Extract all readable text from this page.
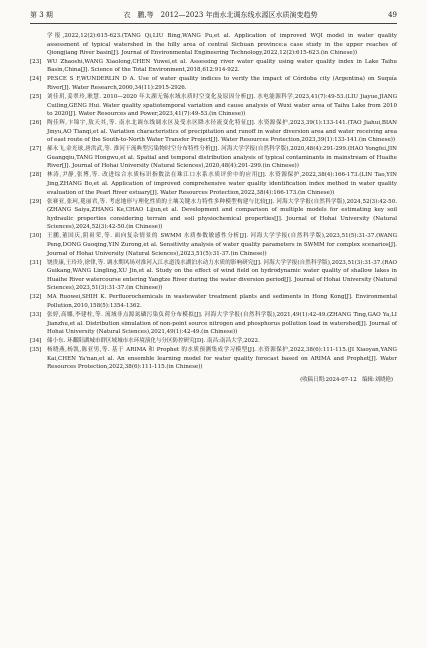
第 3 期	衣　鹏,等　2012—2023 年南水北调东线水源区水质演变趋势	49
学报,2022,12(2):615-623.(TANG Qi,LIU Bing,WANG Pu,et al. Application of improved WQI model in water quality assessment of typical watershed in the hilly area of central Sichuan province:a case study in the upper reaches of Qiongjiang River basin[J]. Journal of Environmental Engineering Technology,2022,12(2):615-623.(in Chinese))
[23]	WU Zhaoshi,WANG Xiaolong,CHEN Yuwei,et al. Assessing river water quality using water quality index in Lake Taihu Basin,China[J]. Science of the Total Environment,2018,612:914-922.
[24]	PESCE S F,WUNDERLIN D A. Use of water quality indices to verify the impact of Córdoba city (Argentina) on Suquía River[J]. Water Research,2000,34(11):2915-2926.
[25]	刘佳玥,姜翠玲,耿慧. 2010—2020 年太湖无锡水域水质时空变化及原因分析[J]. 水电能源科学,2023,41(7):49-53.(LIU Jiayue,JIANG Cuiling,GENG Hui. Water quality spatiotemporal variation and cause analysis of Wuxi water area of Taihu Lake from 2010 to 2020[J]. Water Resources and Power,2023,41(7):49-53.(in Chinese))
[26]	陶佳辉,卞锦宇,敖天其,等. 南水北调东线调水区及受水区降水径流变化特征[J]. 水资源保护,2023,39(1):133-141.(TAO Jiahui,BIAN Jinyu,AO Tianqi,et al. Variation characteristics of precipitation and runoff in water diversion area and water receiving area of east route of the South-to-North Water Transfer Project[J]. Water Resources Protection,2023,39(1):133-141.(in Chinese))
[27]	郝永飞,金光球,唐洪武,等. 淮河干流典型污染物时空分布特性分析[J]. 河海大学学报(自然科学版),2020,48(4):291-299.(HAO Yongfei,JIN Guangqiu,TANG Hongwu,et al. Spatial and temporal distribution analysis of typical contaminants in mainstream of Huaihe River[J]. Journal of Hohai University (Natural Sciences),2020,48(4):291-299.(in Chinese))
[28]	林涛,尹静,张博,等. 改进综合水质标识指数法在珠江口水系水质评价中的应用[J]. 水资源保护,2022,38(4):166-173.(LIN Tao,YIN Jing,ZHANG Bo,et al. Application of improved comprehensive water quality identification index method in water quality evaluation of the Pearl River estuary[J]. Water Resources Protection,2022,38(4):166-173.(in Chinese))
[29]	张赛亚,张珂,冕丽君,等. 考虑地形与理化性质的土壤关键水力特性多种模型构建与比较[J]. 河海大学学报(自然科学版),2024,52(3):42-50.(ZHANG Saiya,ZHANG Ke,CHAO Lijun,et al. Development and comparison of multiple models for estimating key soil hydraulic properties considering terrain and soil physiochemical properties[J]. Journal of Hohai University (Natural Sciences),2024,52(3):42-50.(in Chinese))
[30]	王鹏,董国庆,阴祖荣,等. 面向复杂情景的 SWMM 水质参数敏感性分析[J]. 河海大学学报(自然科学版),2023,51(5):31-37.(WANG Peng,DONG Guoqing,YIN Zurong,et al. Sensitivity analysis of water quality parameters in SWMM for complex scenarios[J]. Journal of Hohai University (Natural Sciences),2023,51(5):31-37.(in Chinese))
[31]	饶贵康,王玲玲,徐律,等. 调水期风场对淮河入江水道浅水湖泊水动力水质的影响研究[J]. 河海大学学报(自然科学版),2023,51(3):31-37.(RAO Guikang,WANG Lingling,XU Jin,et al. Study on the effect of wind field on hydrodynamic water quality of shallow lakes in Huaihe River watercourse entering Yangtze River during the water diversion period[J]. Journal of Hohai University (Natural Sciences),2023,51(3):31-37.(in Chinese))
[32]	MA Ruowei,SHIH K. Perfluorochemicals in wastewater treatment plants and sediments in Hong Kong[J]. Environmental Pollution,2010,158(5):1354-1362.
[33]	张婷,高娜,李建柱,等. 流域非点源氮磷污染负荷分布模拟[J]. 河海大学学报(自然科学版),2021,49(1):42-49.(ZHANG Ting,GAO Ya,LI Jianzhu,et al. Distribution simulation of non-point source nitrogen and phosphorus pollution load in watershed[J]. Journal of Hohai University (Natural Sciences),2021,49(1):42-49.(in Chinese))
[34]	储小东. 环鄱阳湖城市群区域城市水环境演化与分区防控研究[D]. 南昌:南昌大学,2022.
[35]	杨晓燕,杨凯,陈亚男,等. 基于 ARIMA 和 Prophet 的水质预测集成学习模型[J]. 水资源保护,2022,38(6):111-115.(JI Xiaoyan,YANG Kai,CHEN Ya'nan,et al. An ensemble learning model for water quality forecast based on ARIMA and Prophet[J]. Water Resources Protection,2022,38(6):111-115.(in Chinese))
(收稿日期:2024-07-12　编辑:刘晓艳)
